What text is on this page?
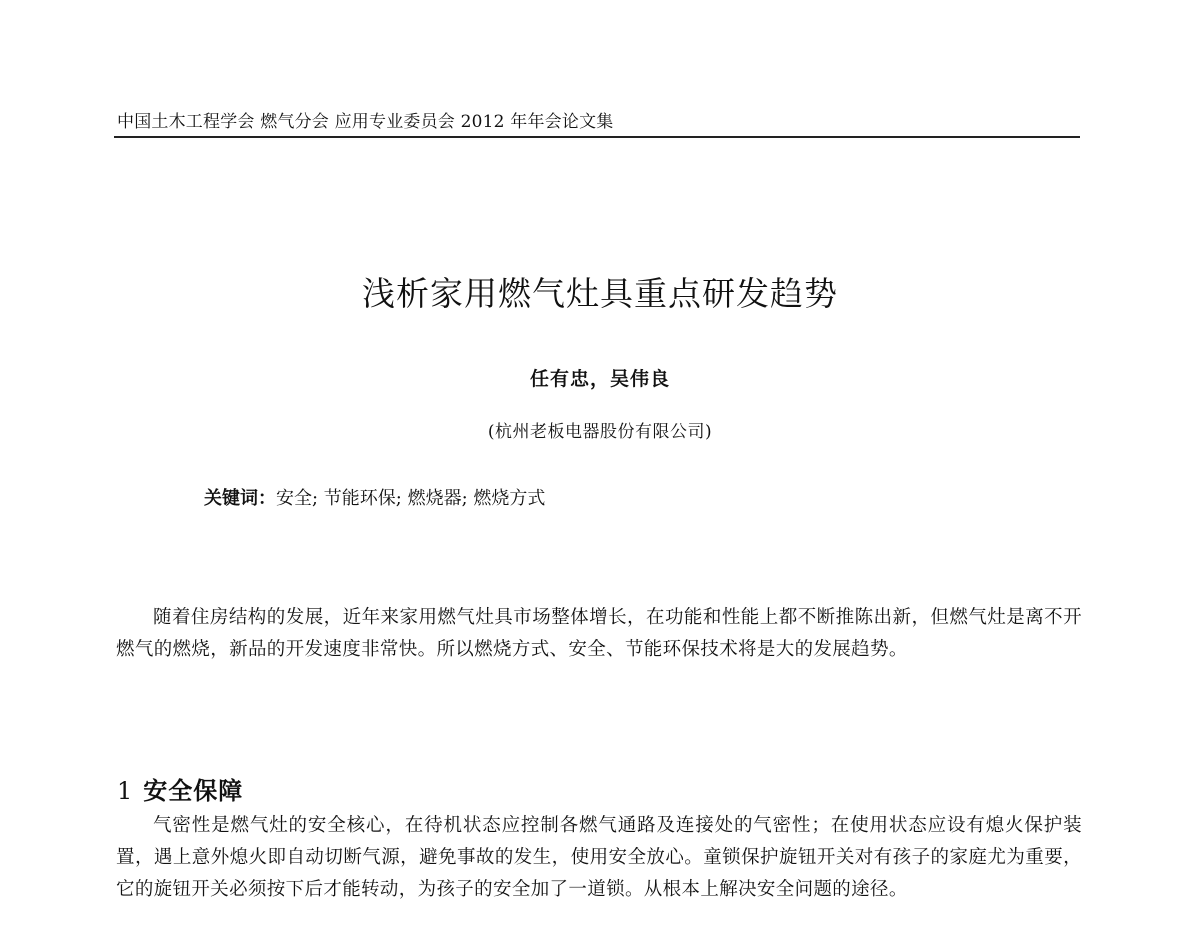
中国土木工程学会 燃气分会 应用专业委员会 2012 年年会论文集
浅析家用燃气灶具重点研发趋势
任有忠，吴伟良
(杭州老板电器股份有限公司)
关键词：安全; 节能环保; 燃烧器; 燃烧方式

随着住房结构的发展，近年来家用燃气灶具市场整体增长，在功能和性能上都不断推陈出新，但燃气灶是离不开燃气的燃烧，新品的开发速度非常快。所以燃烧方式、安全、节能环保技术将是大的发展趋势。

1 安全保障

气密性是燃气灶的安全核心，在待机状态应控制各燃气通路及连接处的气密性；在使用状态应设有熄火保护装置，遇上意外熄火即自动切断气源，避免事故的发生，使用安全放心。童锁保护旋钮开关对有孩子的家庭尤为重要，它的旋钮开关必须按下后才能转动，为孩子的安全加了一道锁。从根本上解决安全问题的途径。
